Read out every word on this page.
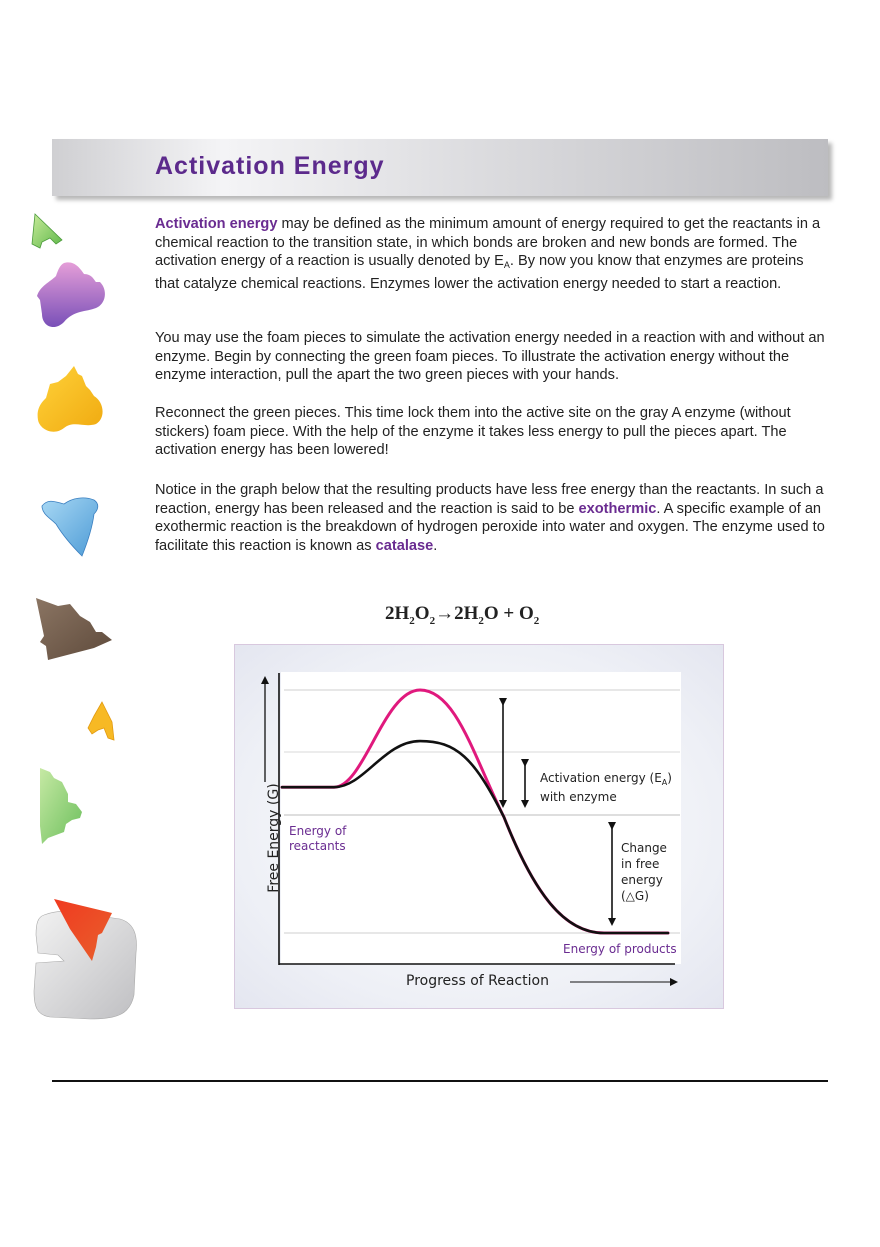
Activation Energy

Activation energy may be defined as the minimum amount of energy required to get the reactants in a chemical reaction to the transition state, in which bonds are broken and new bonds are formed. The activation energy of a reaction is usually denoted by $E_A$. By now you know that enzymes are proteins that catalyze chemical reactions. Enzymes lower the activation energy needed to start a reaction.

You may use the foam pieces to simulate the activation energy needed in a reaction with and without an enzyme. Begin by connecting the green foam pieces. To illustrate the activation energy without the enzyme interaction, pull the apart the two green pieces with your hands.

Reconnect the green pieces. This time lock them into the active site on the gray A enzyme (without stickers) foam piece. With the help of the enzyme it takes less energy to pull the pieces apart. The activation energy has been lowered!

Notice in the graph below that the resulting products have less free energy than the reactants. In such a reaction, energy has been released and the reaction is said to be exothermic. A specific example of an exothermic reaction is the breakdown of hydrogen peroxide into water and oxygen. The enzyme used to facilitate this reaction is known as catalase.

$2H_2O_2\to 2H_2O + O_2$
Free Energy (G)
Progress of Reaction
Energy of
reactants
Energy of products
Activation energy $(E_A)$
with enzyme
Change
in free
energy
(△G)
